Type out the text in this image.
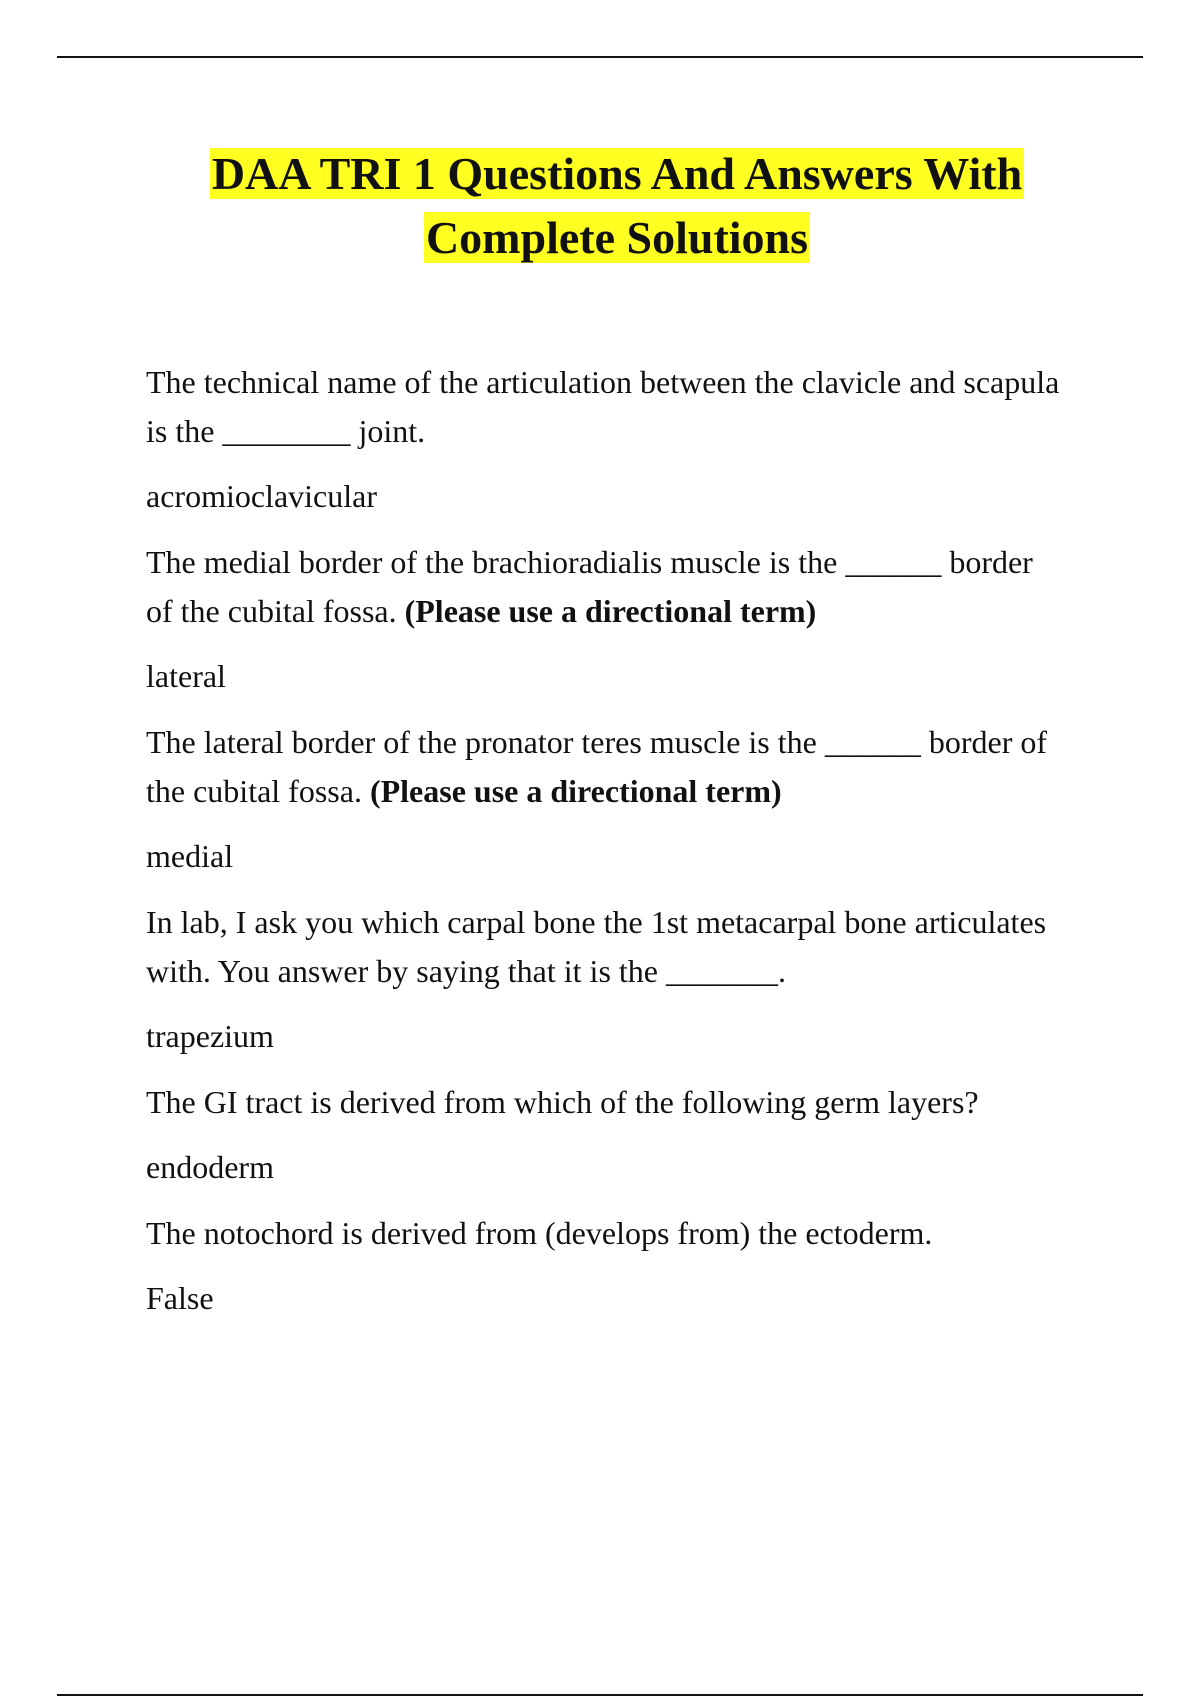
DAA TRI 1 Questions And Answers With
Complete Solutions

The technical name of the articulation between the clavicle and scapula is the ________ joint.

acromioclavicular

The medial border of the brachioradialis muscle is the ______ border of the cubital fossa. (Please use a directional term)

lateral

The lateral border of the pronator teres muscle is the ______ border of the cubital fossa. (Please use a directional term)

medial

In lab, I ask you which carpal bone the 1st metacarpal bone articulates with. You answer by saying that it is the _______.

trapezium

The GI tract is derived from which of the following germ layers?

endoderm

The notochord is derived from (develops from) the ectoderm.

False
